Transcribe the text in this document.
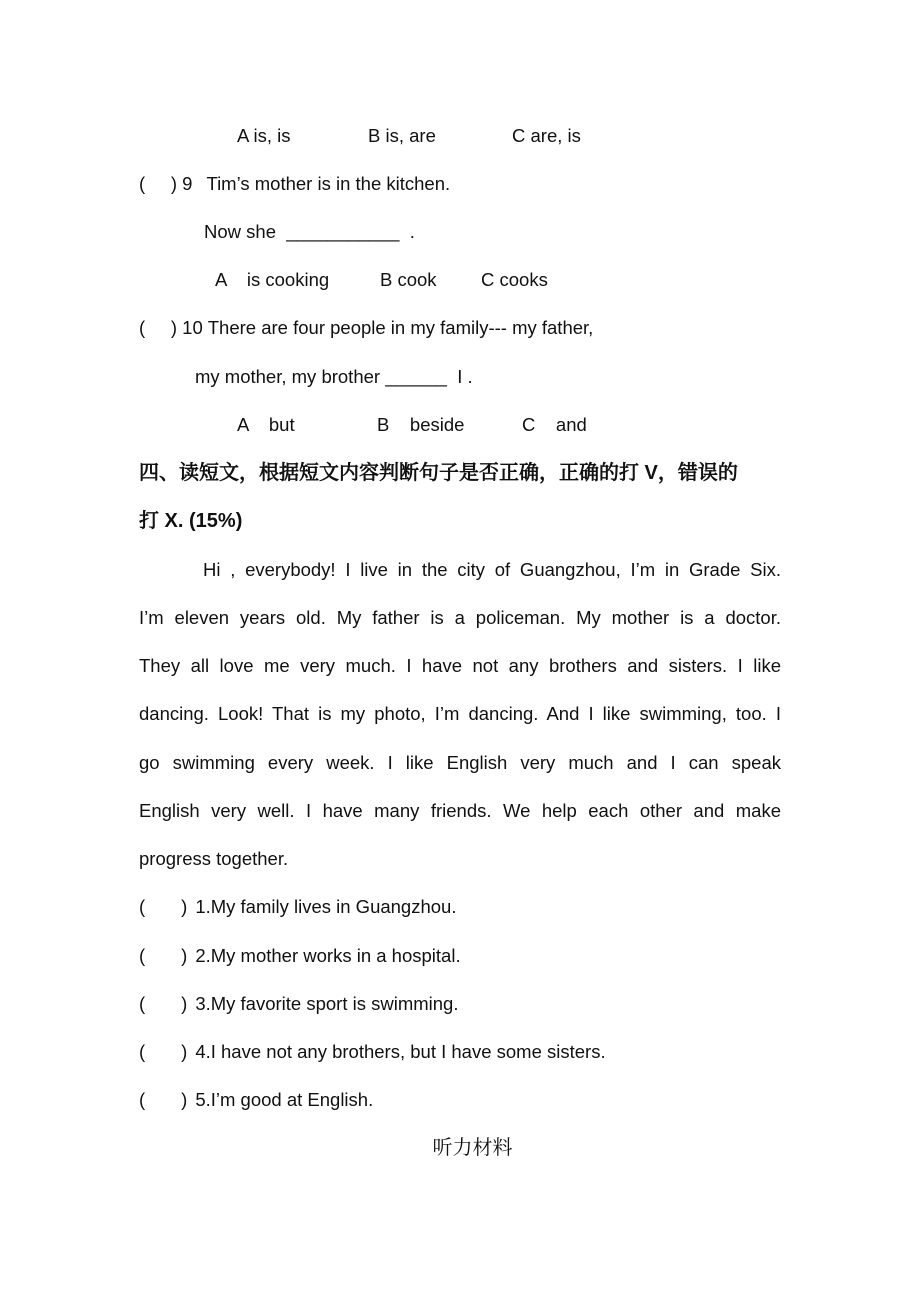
A is, is	B is, are	C are, is
(     ) 9 Tim’s mother is in the kitchen.
Now she  ___________  .
A    is cooking	B cook C cooks
(     ) 10 There are four people in my family--- my father,
my mother, my brother ______  I .
A    but	B    beside	C    and
四、读短文，根据短文内容判断句子是否正确，正确的打 V，错误的
打 X. (15%)
Hi , everybody! I live in the city of Guangzhou, I’m in Grade Six.
I’m eleven years old. My father is a policeman. My mother is a doctor.
They all love me very much. I have not any brothers and sisters. I like
dancing. Look! That is my photo, I’m dancing. And I like swimming, too. I
go swimming every week. I like English very much and I can speak
English very well. I have many friends. We help each other and make
progress together.
(       ) 1.My family lives in Guangzhou.
(       ) 2.My mother works in a hospital.
(       ) 3.My favorite sport is swimming.
(       ) 4.I have not any brothers, but I have some sisters.
(       ) 5.I’m good at English.
听力材料
